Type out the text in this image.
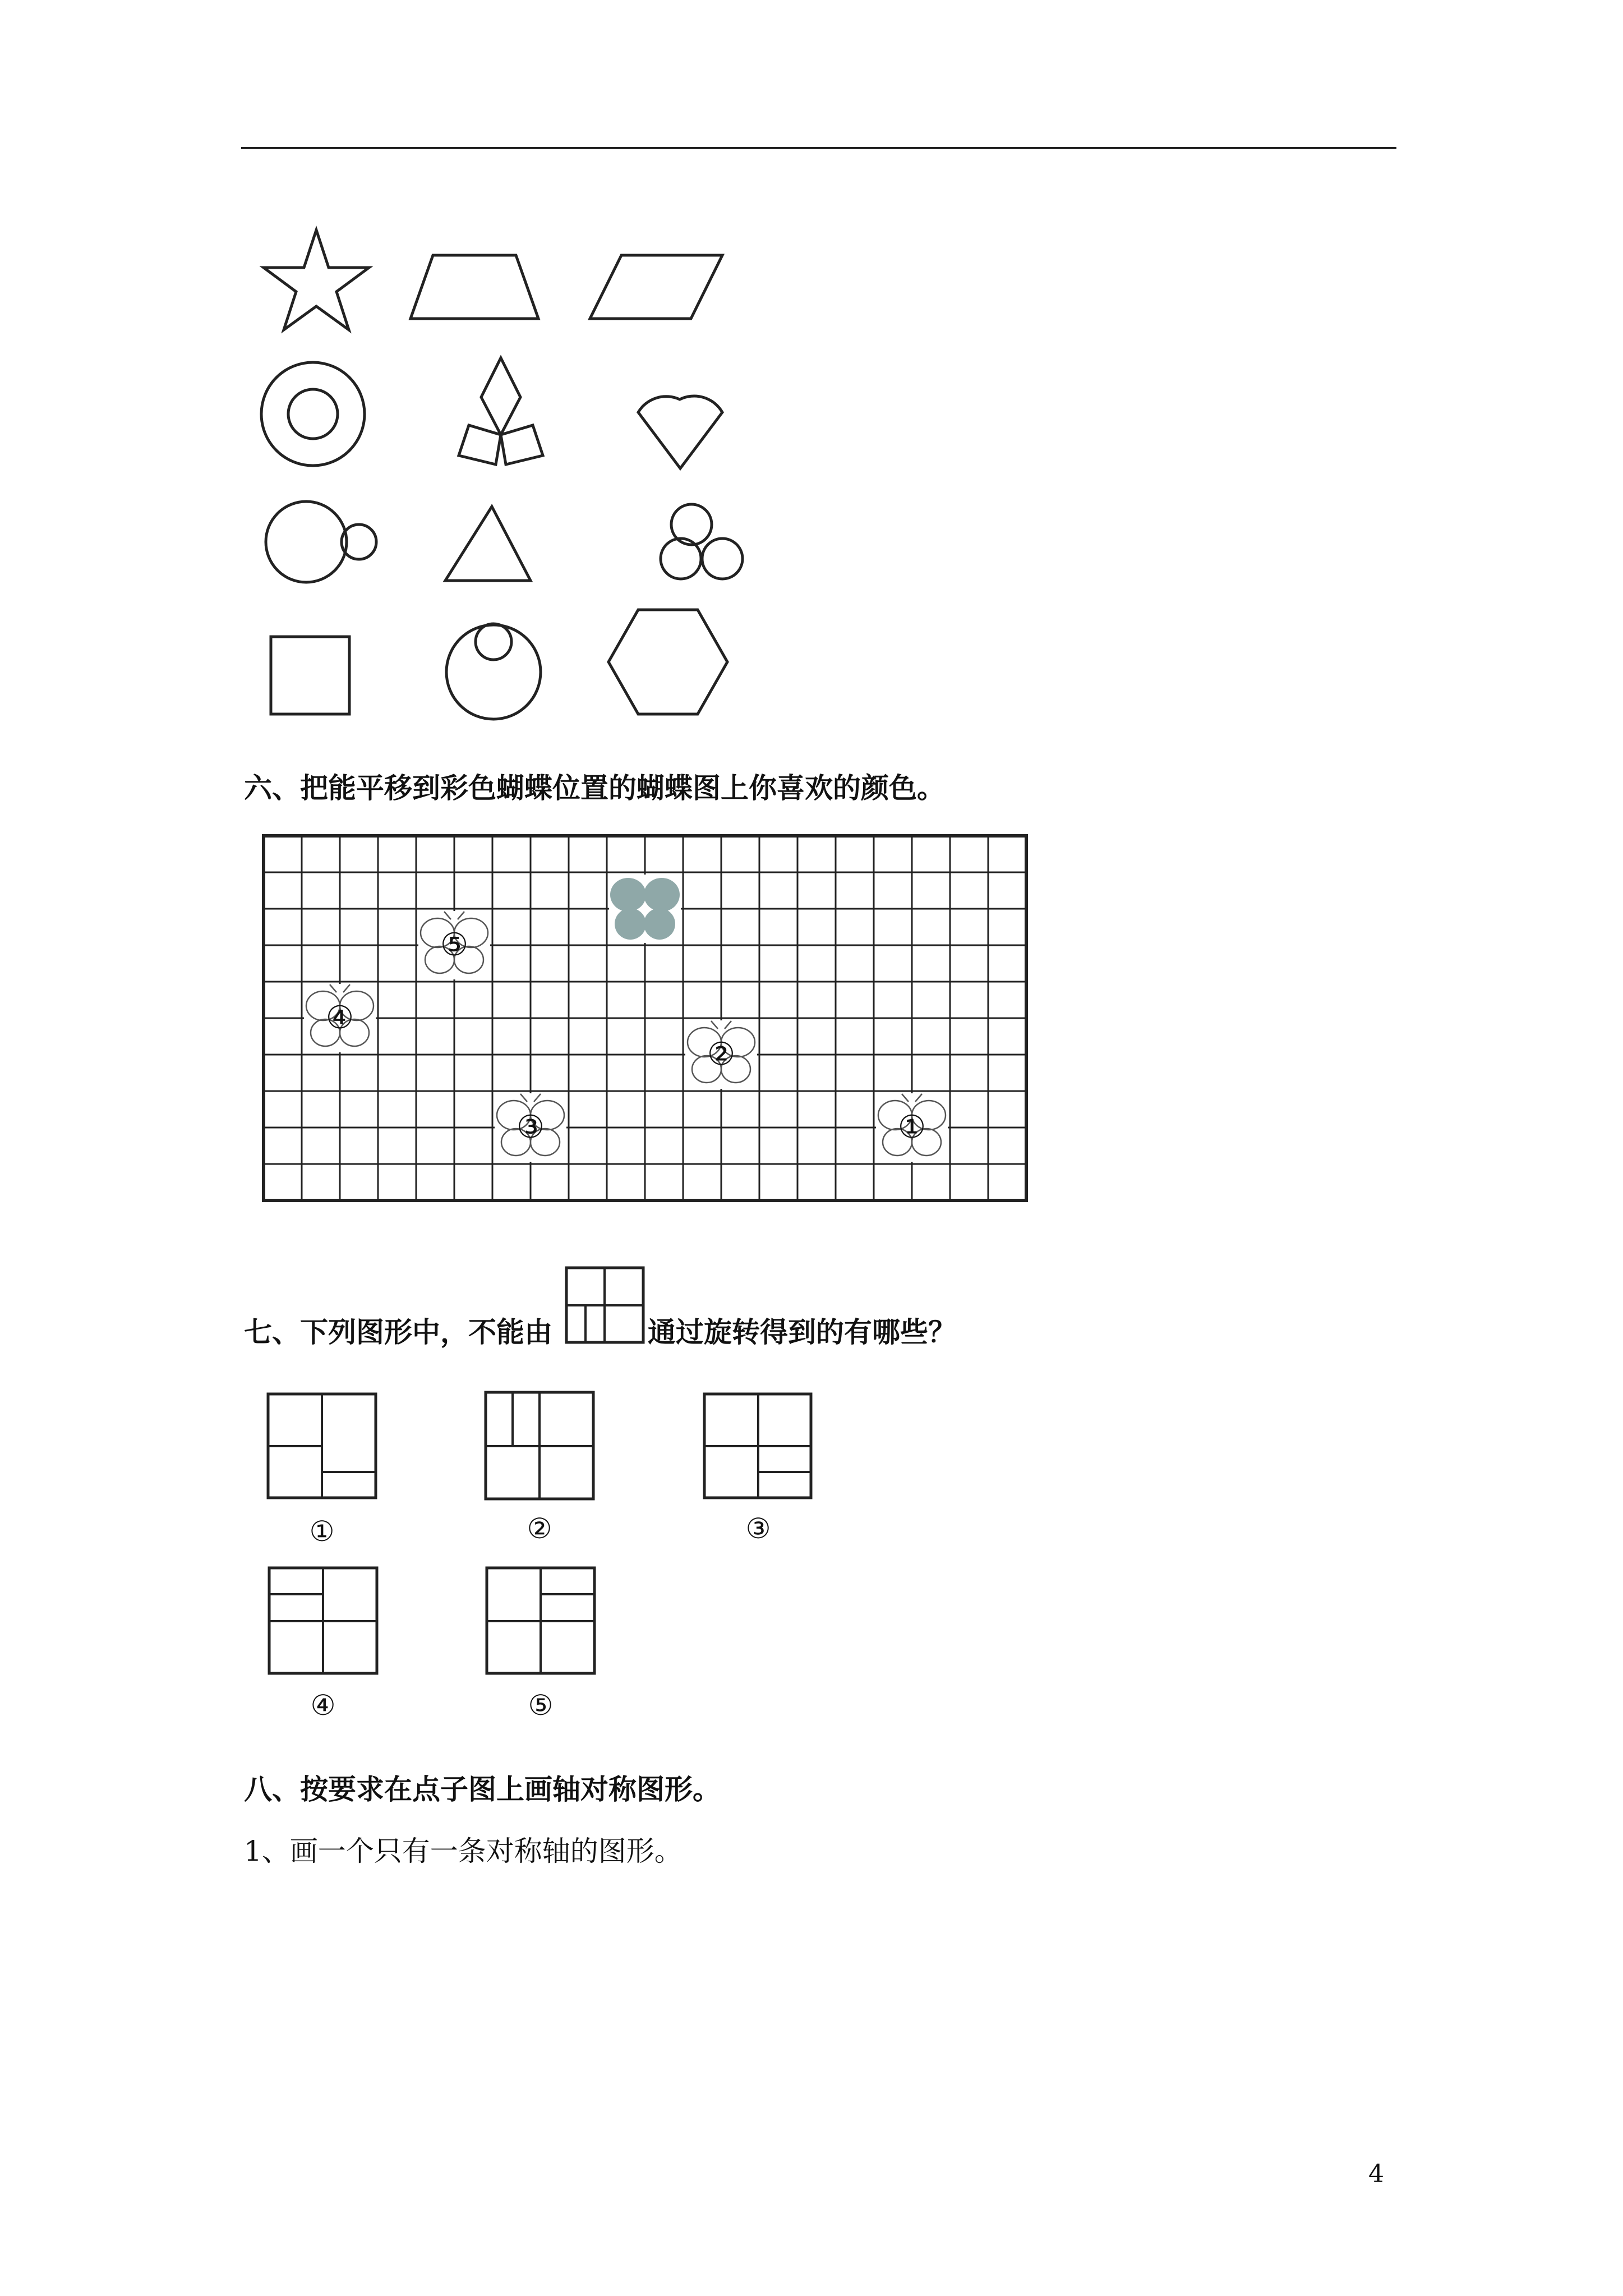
六、把能平移到彩色蝴蝶位置的蝴蝶图上你喜欢的颜色。
⑤
④
②
③	①
七、下列图形中，不能由	通过旋转得到的有哪些？
①	②	③
④	⑤
八、按要求在点子图上画轴对称图形。
1、画一个只有一条对称轴的图形。
4
